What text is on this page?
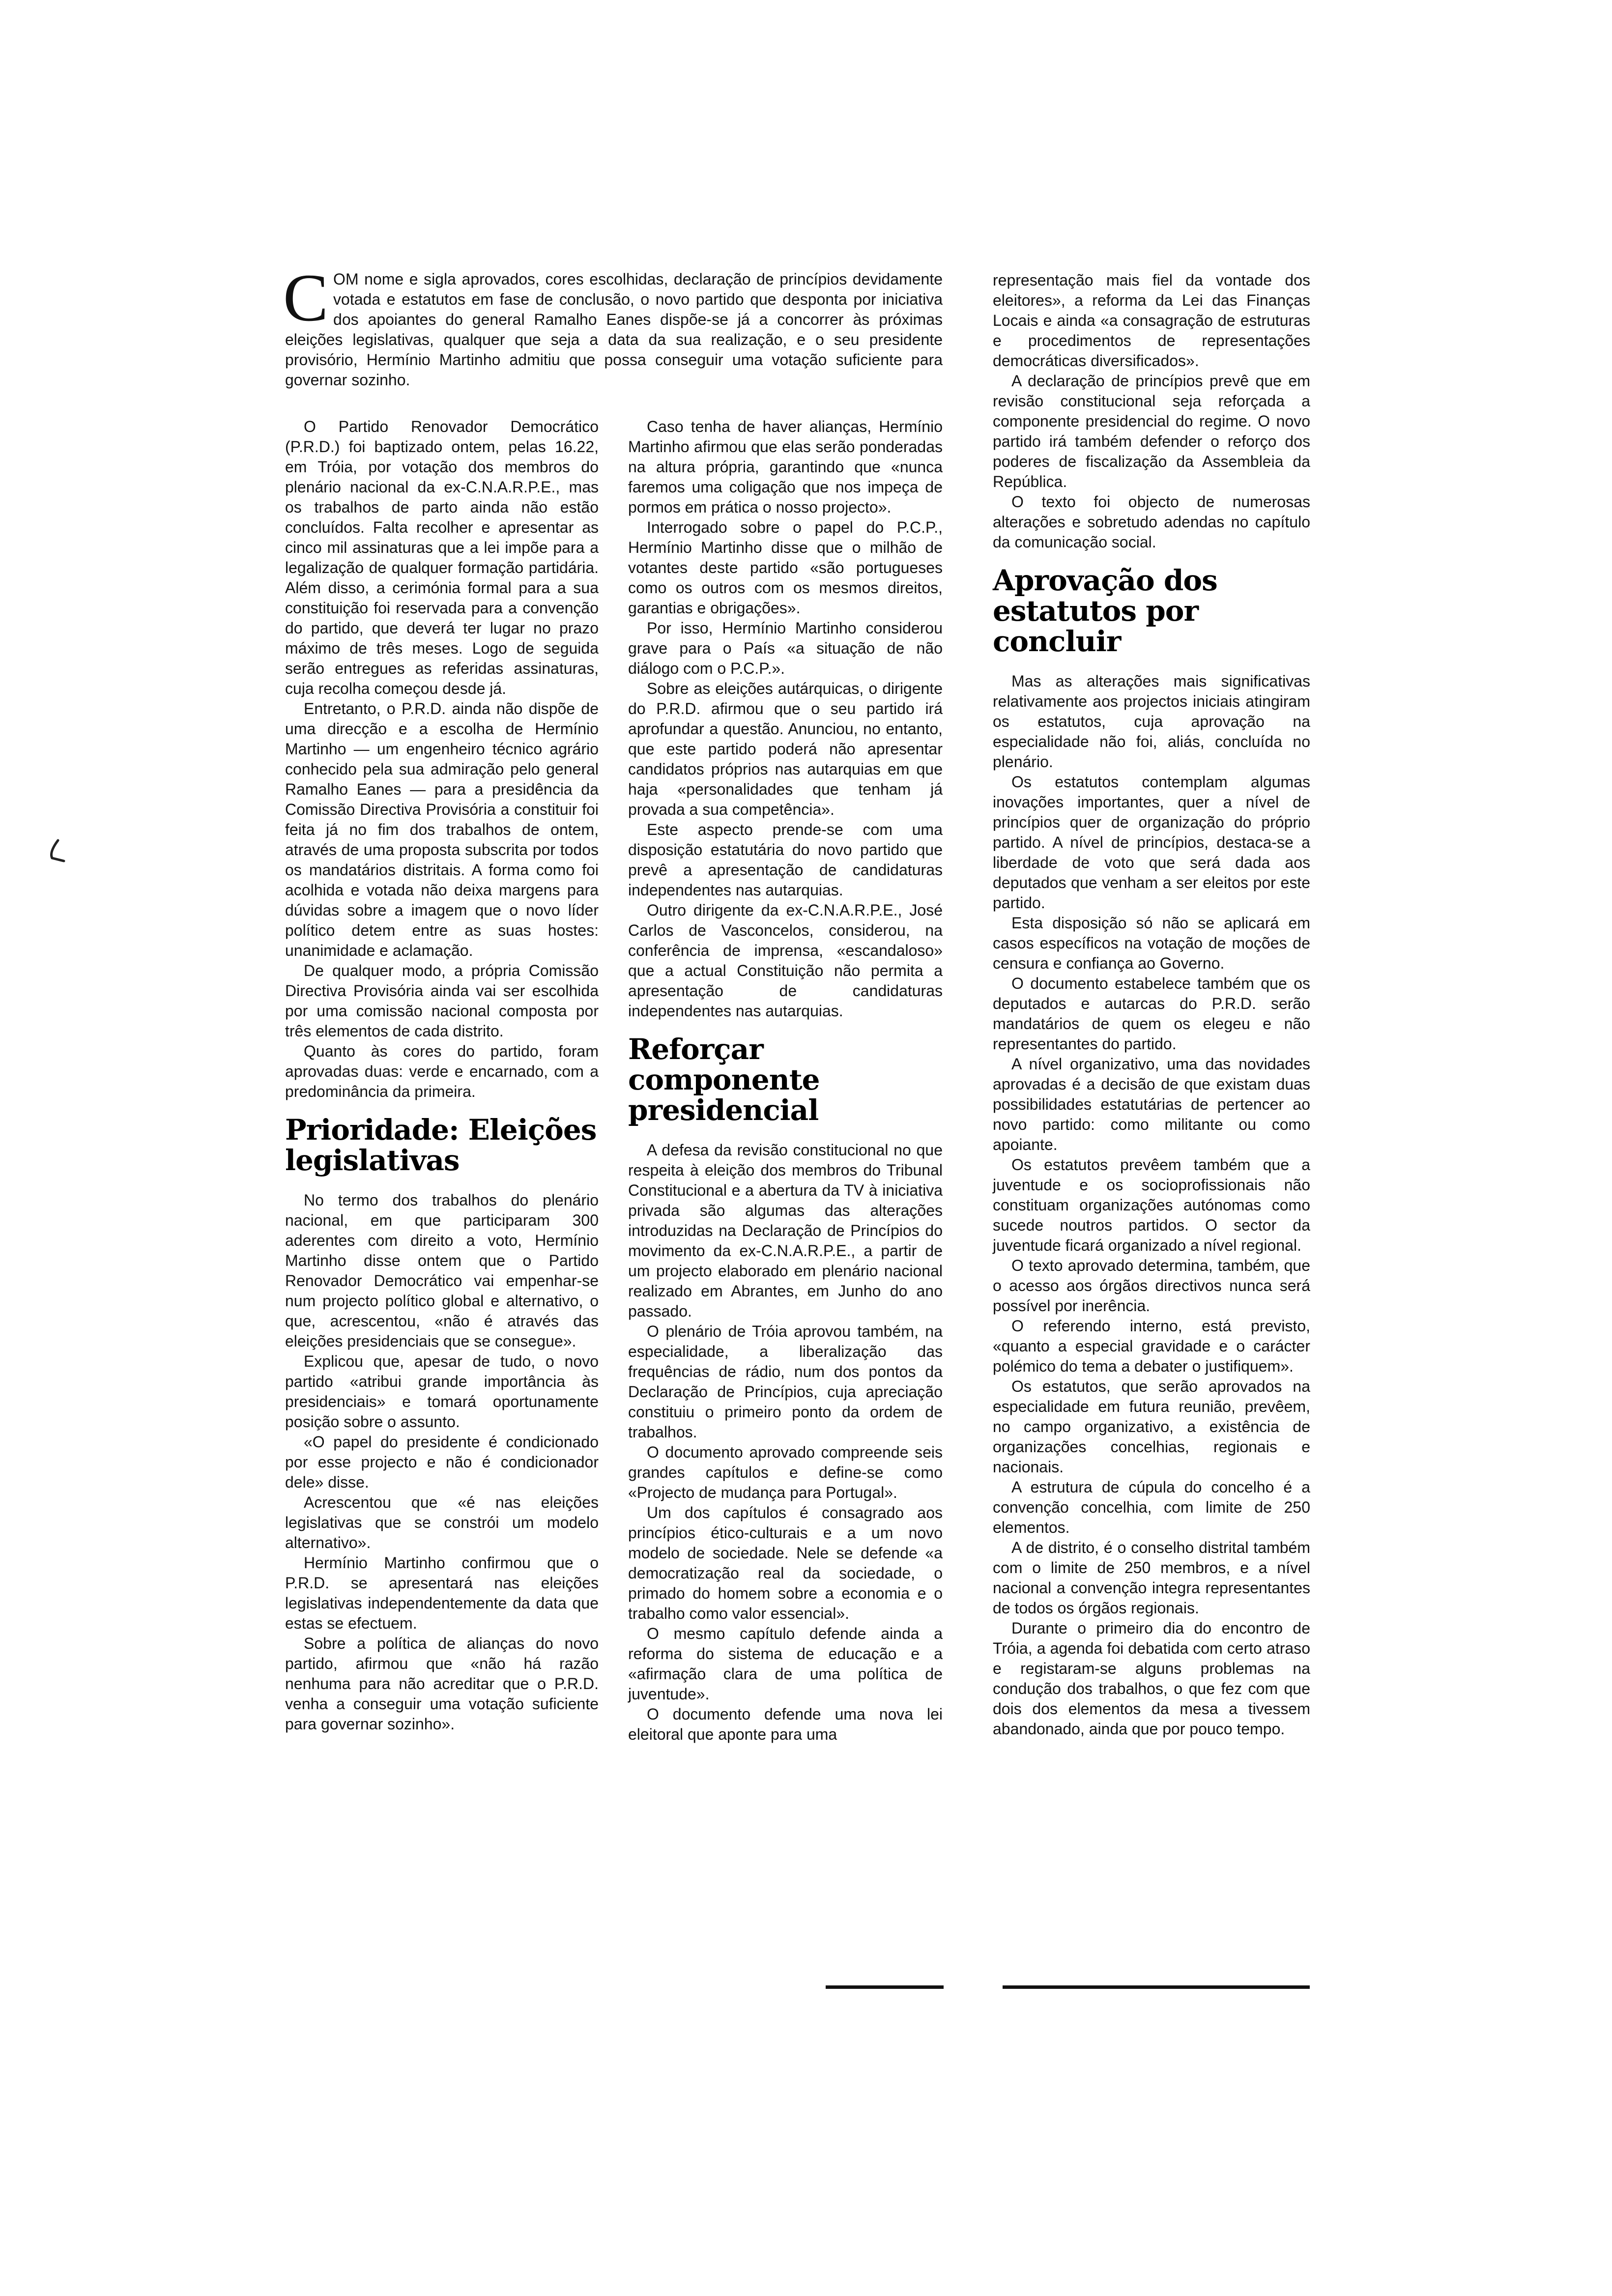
C OM nome e sigla aprovados, cores escolhidas, declaração de princípios devidamente votada e estatutos em fase de conclusão, o novo partido que desponta por iniciativa dos apoiantes do general Ramalho Eanes dispõe-se já a concorrer às próximas eleições legislativas, qualquer que seja a data da sua realização, e o seu presidente provisório, Hermínio Martinho admitiu que possa conseguir uma votação suficiente para governar sozinho.

O Partido Renovador Democrático (P.R.D.) foi baptizado ontem, pelas 16.22, em Tróia, por votação dos membros do plenário nacional da ex-C.N.A.R.P.E., mas os trabalhos de parto ainda não estão concluídos. Falta recolher e apresentar as cinco mil assinaturas que a lei impõe para a legalização de qualquer formação partidária. Além disso, a cerimónia formal para a sua constituição foi reservada para a convenção do partido, que deverá ter lugar no prazo máximo de três meses. Logo de seguida serão entregues as referidas assinaturas, cuja recolha começou desde já.

Entretanto, o P.R.D. ainda não dispõe de uma direcção e a escolha de Hermínio Martinho — um engenheiro técnico agrário conhecido pela sua admiração pelo general Ramalho Eanes — para a presidência da Comissão Directiva Provisória a constituir foi feita já no fim dos trabalhos de ontem, através de uma proposta subscrita por todos os mandatários distritais. A forma como foi acolhida e votada não deixa margens para dúvidas sobre a imagem que o novo líder político detem entre as suas hostes: unanimidade e aclamação.

De qualquer modo, a própria Comissão Directiva Provisória ainda vai ser escolhida por uma comissão nacional composta por três elementos de cada distrito.

Quanto às cores do partido, foram aprovadas duas: verde e encarnado, com a predominância da primeira.

Prioridade: Eleições legislativas

No termo dos trabalhos do plenário nacional, em que participaram 300 aderentes com direito a voto, Hermínio Martinho disse ontem que o Partido Renovador Democrático vai empenhar-se num projecto político global e alternativo, o que, acrescentou, «não é através das eleições presidenciais que se consegue».

Explicou que, apesar de tudo, o novo partido «atribui grande importância às presidenciais» e tomará oportunamente posição sobre o assunto.

«O papel do presidente é condicionado por esse projecto e não é condicionador dele» disse.

Acrescentou que «é nas eleições legislativas que se constrói um modelo alternativo».

Hermínio Martinho confirmou que o P.R.D. se apresentará nas eleições legislativas independentemente da data que estas se efectuem.

Sobre a política de alianças do novo partido, afirmou que «não há razão nenhuma para não acreditar que o P.R.D. venha a conseguir uma votação suficiente para governar sozinho».

Caso tenha de haver alianças, Hermínio Martinho afirmou que elas serão ponderadas na altura própria, garantindo que «nunca faremos uma coligação que nos impeça de pormos em prática o nosso projecto».

Interrogado sobre o papel do P.C.P., Hermínio Martinho disse que o milhão de votantes deste partido «são portugueses como os outros com os mesmos direitos, garantias e obrigações».

Por isso, Hermínio Martinho considerou grave para o País «a situação de não diálogo com o P.C.P.».

Sobre as eleições autárquicas, o dirigente do P.R.D. afirmou que o seu partido irá aprofundar a questão. Anunciou, no entanto, que este partido poderá não apresentar candidatos próprios nas autarquias em que haja «personalidades que tenham já provada a sua competência».

Este aspecto prende-se com uma disposição estatutária do novo partido que prevê a apresentação de candidaturas independentes nas autarquias.

Outro dirigente da ex-C.N.A.R.P.E., José Carlos de Vasconcelos, considerou, na conferência de imprensa, «escandaloso» que a actual Constituição não permita a apresentação de candidaturas independentes nas autarquias.

Reforçar componente presidencial

A defesa da revisão constitucional no que respeita à eleição dos membros do Tribunal Constitucional e a abertura da TV à iniciativa privada são algumas das alterações introduzidas na Declaração de Princípios do movimento da ex-C.N.A.R.P.E., a partir de um projecto elaborado em plenário nacional realizado em Abrantes, em Junho do ano passado.

O plenário de Tróia aprovou também, na especialidade, a liberalização das frequências de rádio, num dos pontos da Declaração de Princípios, cuja apreciação constituiu o primeiro ponto da ordem de trabalhos.

O documento aprovado compreende seis grandes capítulos e define-se como «Projecto de mudança para Portugal».

Um dos capítulos é consagrado aos princípios ético-culturais e a um novo modelo de sociedade. Nele se defende «a democratização real da sociedade, o primado do homem sobre a economia e o trabalho como valor essencial».

O mesmo capítulo defende ainda a reforma do sistema de educação e a «afirmação clara de uma política de juventude».

O documento defende uma nova lei eleitoral que aponte para uma

representação mais fiel da vontade dos eleitores», a reforma da Lei das Finanças Locais e ainda «a consagração de estruturas e procedimentos de representações democráticas diversificados».

A declaração de princípios prevê que em revisão constitucional seja reforçada a componente presidencial do regime. O novo partido irá também defender o reforço dos poderes de fiscalização da Assembleia da República.

O texto foi objecto de numerosas alterações e sobretudo adendas no capítulo da comunicação social.

Aprovação dos estatutos por concluir

Mas as alterações mais significativas relativamente aos projectos iniciais atingiram os estatutos, cuja aprovação na especialidade não foi, aliás, concluída no plenário.

Os estatutos contemplam algumas inovações importantes, quer a nível de princípios quer de organização do próprio partido. A nível de princípios, destaca-se a liberdade de voto que será dada aos deputados que venham a ser eleitos por este partido.

Esta disposição só não se aplicará em casos específicos na votação de moções de censura e confiança ao Governo.

O documento estabelece também que os deputados e autarcas do P.R.D. serão mandatários de quem os elegeu e não representantes do partido.

A nível organizativo, uma das novidades aprovadas é a decisão de que existam duas possibilidades estatutárias de pertencer ao novo partido: como militante ou como apoiante.

Os estatutos prevêem também que a juventude e os socioprofissionais não constituam organizações autónomas como sucede noutros partidos. O sector da juventude ficará organizado a nível regional.

O texto aprovado determina, também, que o acesso aos órgãos directivos nunca será possível por inerência.

O referendo interno, está previsto, «quanto a especial gravidade e o carácter polémico do tema a debater o justifiquem».

Os estatutos, que serão aprovados na especialidade em futura reunião, prevêem, no campo organizativo, a existência de organizações concelhias, regionais e nacionais.

A estrutura de cúpula do concelho é a convenção concelhia, com limite de 250 elementos.

A de distrito, é o conselho distrital também com o limite de 250 membros, e a nível nacional a convenção integra representantes de todos os órgãos regionais.

Durante o primeiro dia do encontro de Tróia, a agenda foi debatida com certo atraso e registaram-se alguns problemas na condução dos trabalhos, o que fez com que dois dos elementos da mesa a tivessem abandonado, ainda que por pouco tempo.
